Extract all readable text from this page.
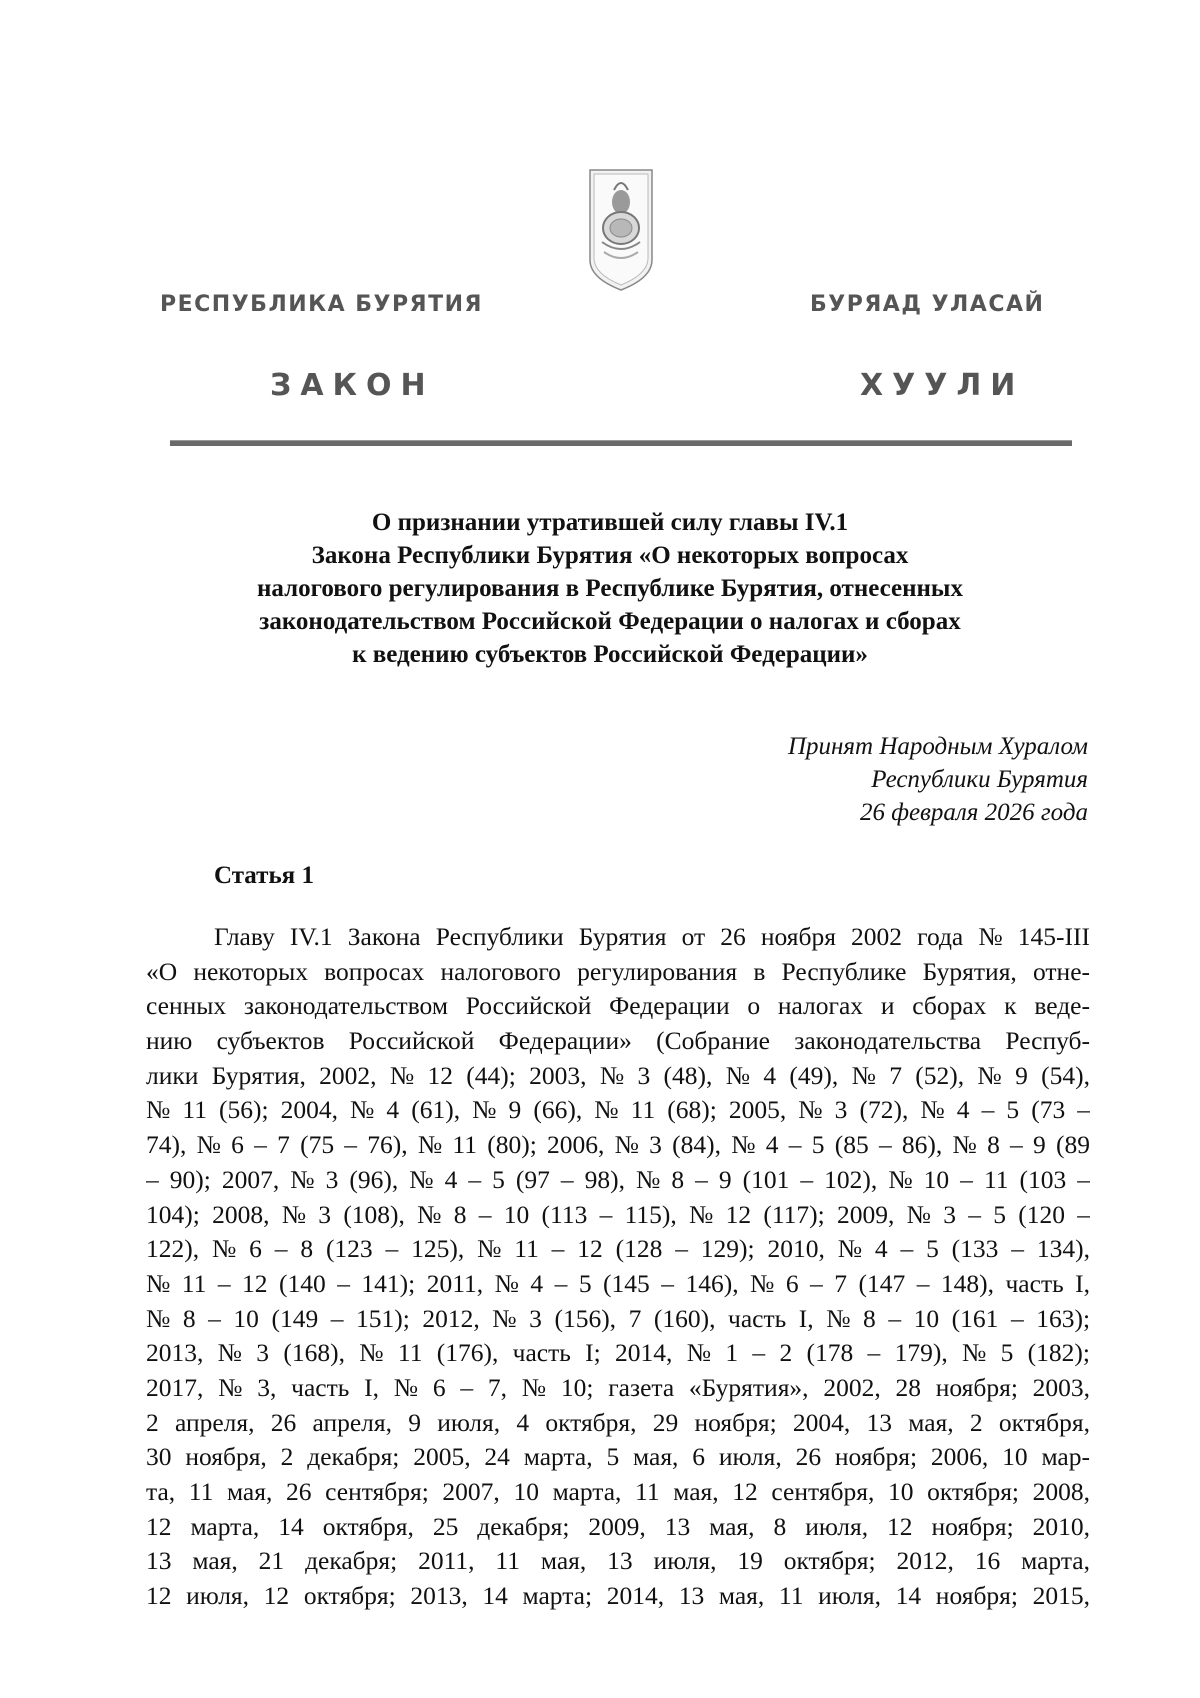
РЕСПУБЛИКА БУРЯТИЯ	БУРЯАД УЛАСАЙ
ЗАКОН	ХУУЛИ
О признании утратившей силу главы IV.1
Закона Республики Бурятия «О некоторых вопросах
налогового регулирования в Республике Бурятия, отнесенных
законодательством Российской Федерации о налогах и сборах
к ведению субъектов Российской Федерации»
Принят Народным Хуралом
Республики Бурятия
26 февраля 2026 года
Статья 1
Главу IV.1 Закона Республики Бурятия от 26 ноября 2002 года № 145-III
«О некоторых вопросах налогового регулирования в Республике Бурятия, отне-
сенных законодательством Российской Федерации о налогах и сборах к веде-
нию субъектов Российской Федерации» (Собрание законодательства Респуб-
лики Бурятия, 2002, № 12 (44); 2003, № 3 (48), № 4 (49), № 7 (52), № 9 (54),
№ 11 (56); 2004, № 4 (61), № 9 (66), № 11 (68); 2005, № 3 (72), № 4 – 5 (73 –
74), № 6 – 7 (75 – 76), № 11 (80); 2006, № 3 (84), № 4 – 5 (85 – 86), № 8 – 9 (89
– 90); 2007, № 3 (96), № 4 – 5 (97 – 98), № 8 – 9 (101 – 102), № 10 – 11 (103 –
104); 2008, № 3 (108), № 8 – 10 (113 – 115), № 12 (117); 2009, № 3 – 5 (120 –
122), № 6 – 8 (123 – 125), № 11 – 12 (128 – 129); 2010, № 4 – 5 (133 – 134),
№ 11 – 12 (140 – 141); 2011, № 4 – 5 (145 – 146), № 6 – 7 (147 – 148), часть I,
№ 8 – 10 (149 – 151); 2012, № 3 (156), 7 (160), часть I, № 8 – 10 (161 – 163);
2013, № 3 (168), № 11 (176), часть I; 2014, № 1 – 2 (178 – 179), № 5 (182);
2017, № 3, часть I, № 6 – 7, № 10; газета «Бурятия», 2002, 28 ноября; 2003,
2 апреля, 26 апреля, 9 июля, 4 октября, 29 ноября; 2004, 13 мая, 2 октября,
30 ноября, 2 декабря; 2005, 24 марта, 5 мая, 6 июля, 26 ноября; 2006, 10 мар-
та, 11 мая, 26 сентября; 2007, 10 марта, 11 мая, 12 сентября, 10 октября; 2008,
12 марта, 14 октября, 25 декабря; 2009, 13 мая, 8 июля, 12 ноября; 2010,
13 мая, 21 декабря; 2011, 11 мая, 13 июля, 19 октября; 2012, 16 марта,
12 июля, 12 октября; 2013, 14 марта; 2014, 13 мая, 11 июля, 14 ноября; 2015,
